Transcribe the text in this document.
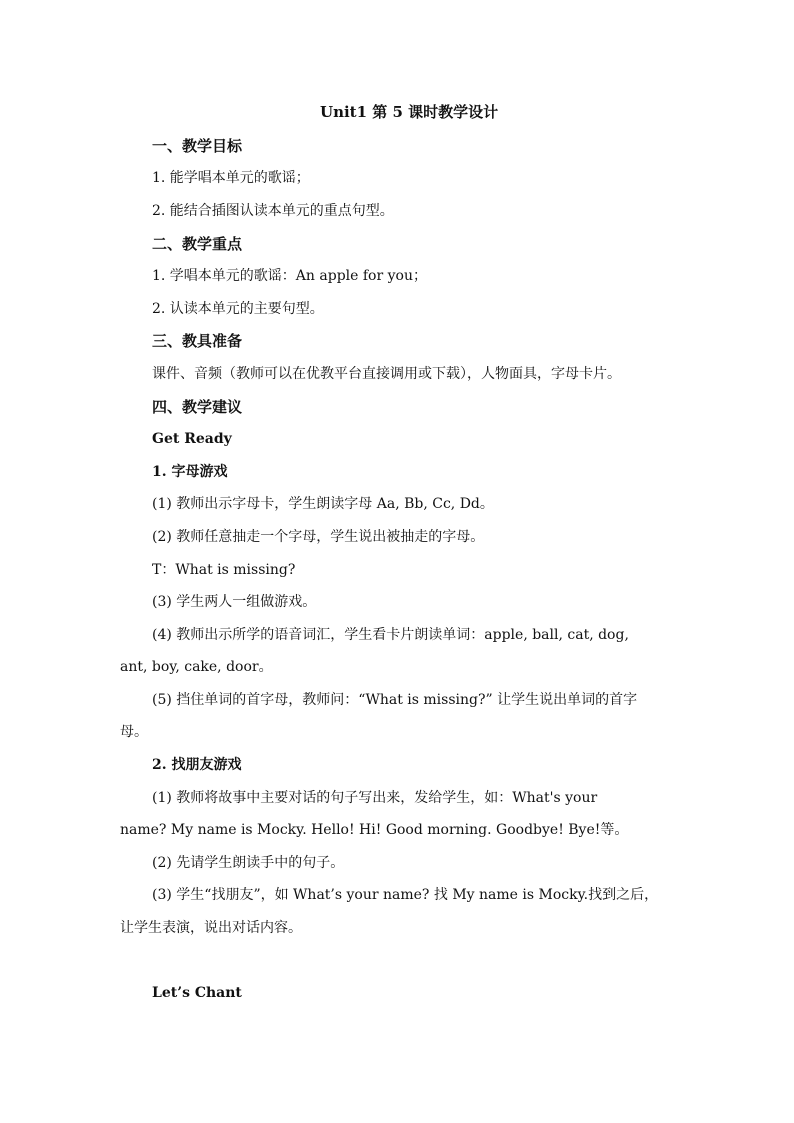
Unit1 第 5 课时教学设计
一、教学目标
1. 能学唱本单元的歌谣；
2. 能结合插图认读本单元的重点句型。
二、教学重点
1. 学唱本单元的歌谣：An apple for you；
2. 认读本单元的主要句型。
三、教具准备
课件、音频（教师可以在优教平台直接调用或下载），人物面具，字母卡片。
四、教学建议
Get Ready
1. 字母游戏
(1) 教师出示字母卡，学生朗读字母 Aa, Bb, Cc, Dd。
(2) 教师任意抽走一个字母，学生说出被抽走的字母。
T：What is missing?
(3) 学生两人一组做游戏。
(4) 教师出示所学的语音词汇，学生看卡片朗读单词：apple, ball, cat, dog,
ant, boy, cake, door。
(5) 挡住单词的首字母，教师问：“What is missing?” 让学生说出单词的首字
母。
2. 找朋友游戏
(1) 教师将故事中主要对话的句子写出来，发给学生，如：What's your
name? My name is Mocky. Hello! Hi! Good morning. Goodbye! Bye!等。
(2) 先请学生朗读手中的句子。
(3) 学生“找朋友”，如 What’s your name? 找 My name is Mocky.找到之后，
让学生表演，说出对话内容。
Let’s Chant
